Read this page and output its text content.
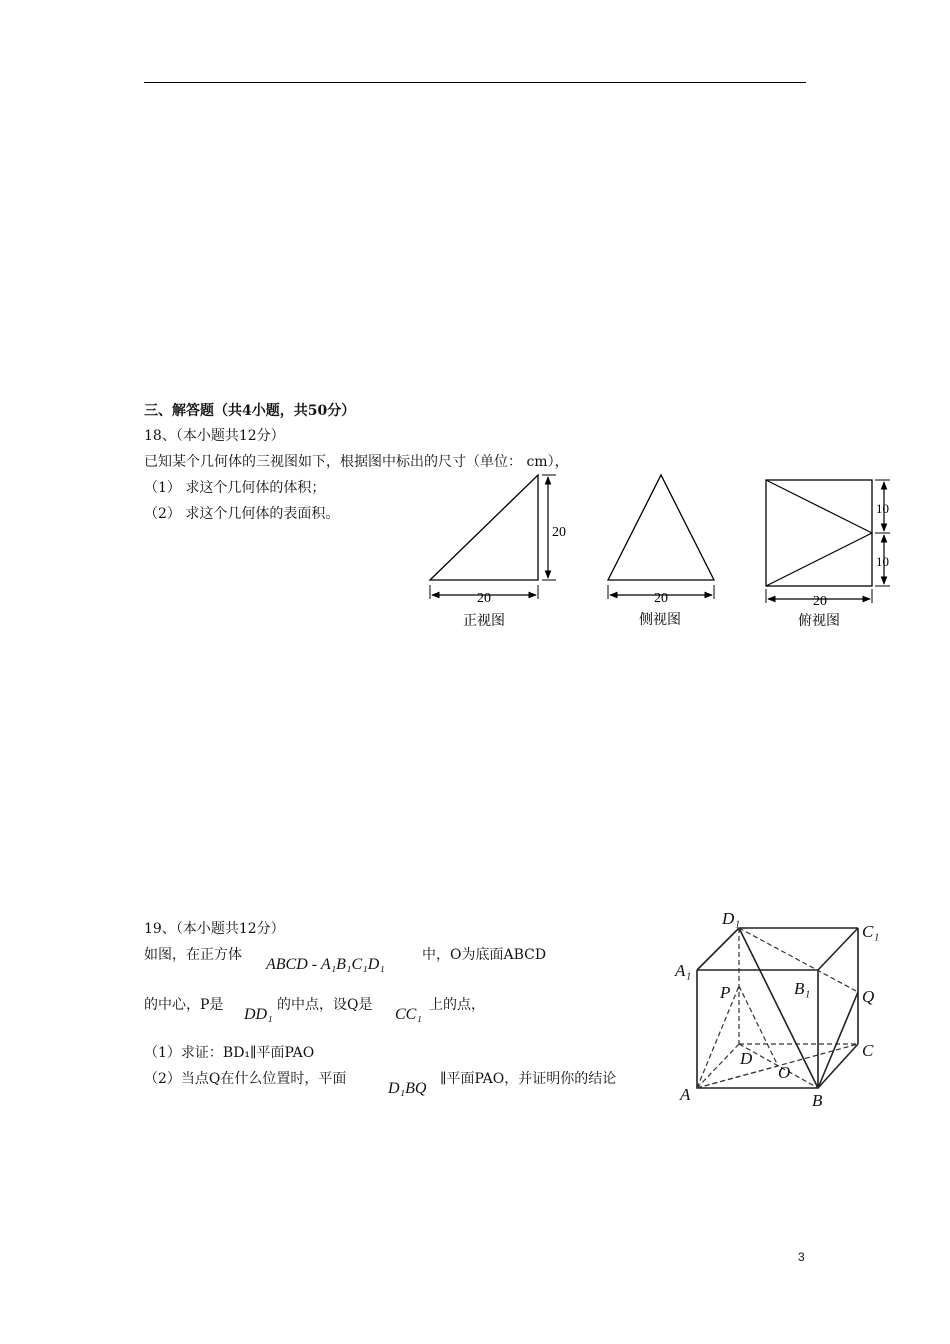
三、解答题（共4小题，共50分）
18、（本小题共12分）
已知某个几何体的三视图如下，根据图中标出的尺寸（单位： cm），
（1） 求这个几何体的体积；
（2） 求这个几何体的表面积。
20
20
正视图
20
侧视图
10
10
20
俯视图
19、（本小题共12分）
如图，在正方体
ABCD - A₁B₁C₁D₁
中，O为底面ABCD
的中心，P是
DD₁
的中点，设Q是
CC₁
上的点，
（1）求证：BD₁∥平面PAO
（2）当点Q在什么位置时，平面
D₁BQ
∥平面PAO，并证明你的结论
D₁
C₁
A₁
B₁
P	Q
D	C
O
A	B
3
